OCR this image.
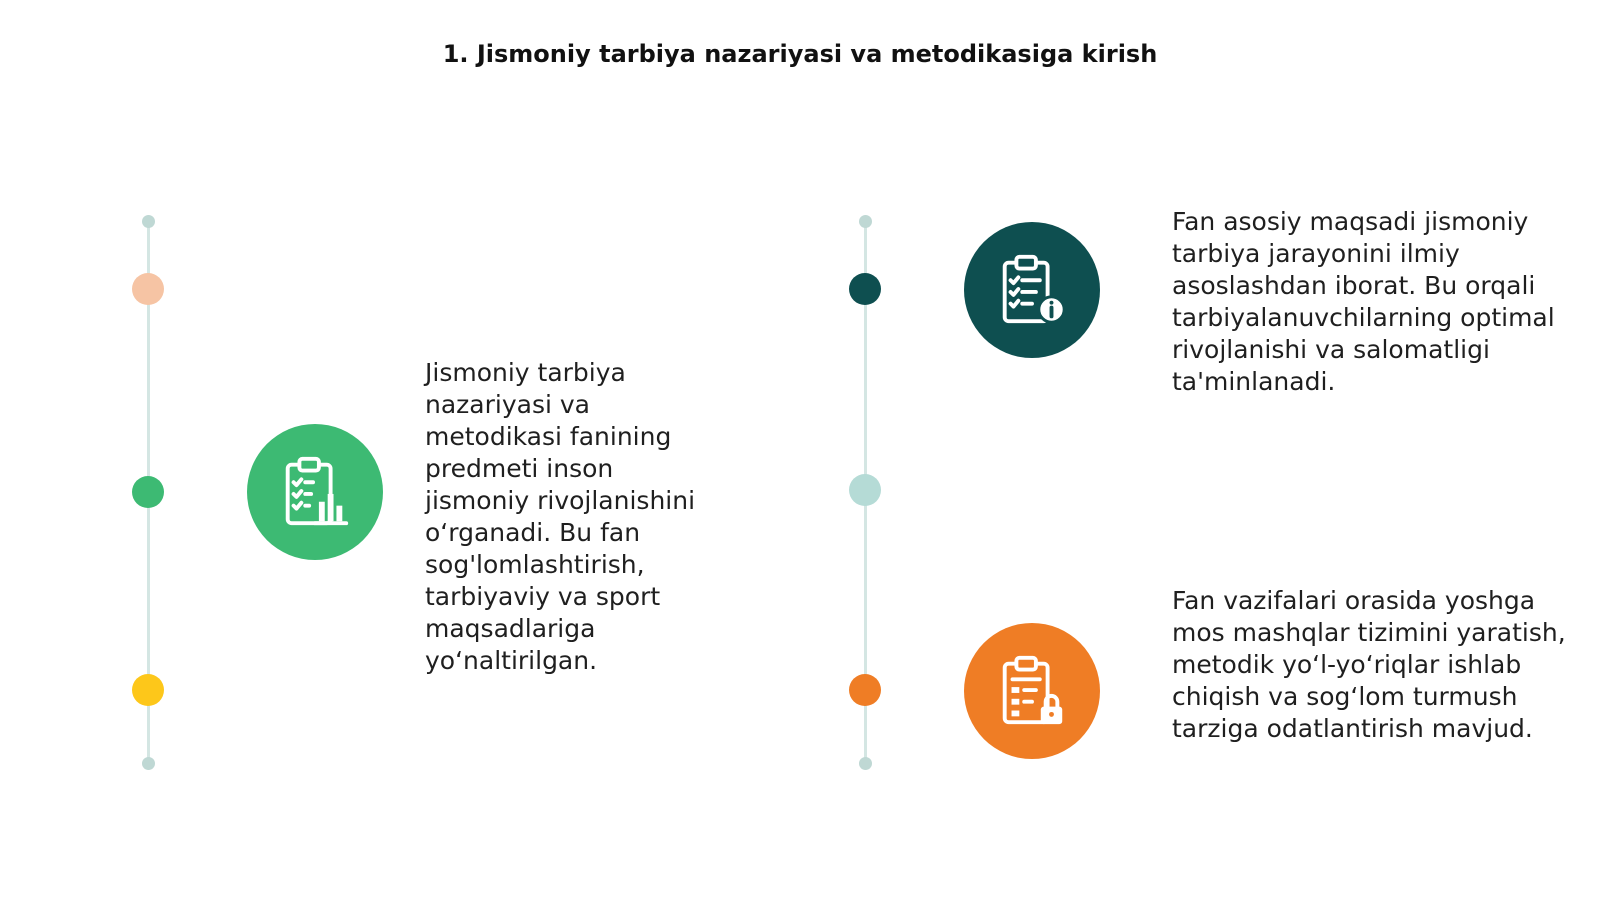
1. Jismoniy tarbiya nazariyasi va metodikasiga kirish
Jismoniy tarbiya nazariyasi va metodikasi fanining predmeti inson jismoniy rivojlanishini o‘rganadi. Bu fan sog'lomlashtirish, tarbiyaviy va sport maqsadlariga yo‘naltirilgan.
Fan asosiy maqsadi jismoniy tarbiya jarayonini ilmiy asoslashdan iborat. Bu orqali tarbiyalanuvchilarning optimal rivojlanishi va salomatligi ta'minlanadi.
Fan vazifalari orasida yoshga mos mashqlar tizimini yaratish, metodik yo‘l-yo‘riqlar ishlab chiqish va sog‘lom turmush tarziga odatlantirish mavjud.
